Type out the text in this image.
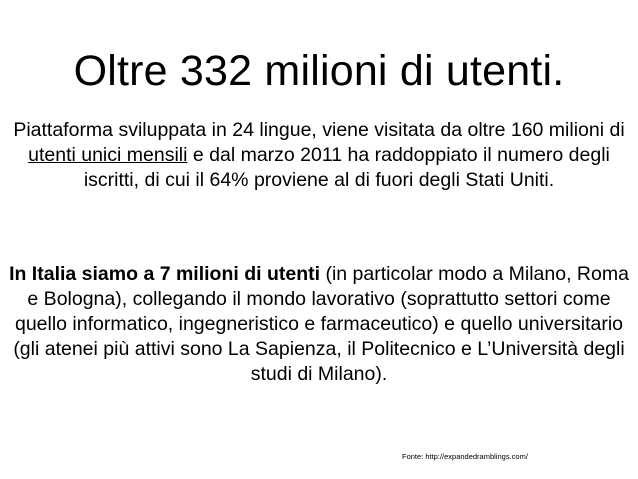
Oltre 332 milioni di utenti.

Piattaforma sviluppata in 24 lingue, viene visitata da oltre 160 milioni di utenti unici mensili e dal marzo 2011 ha raddoppiato il numero degli iscritti, di cui il 64% proviene al di fuori degli Stati Uniti.

In Italia siamo a 7 milioni di utenti (in particolar modo a Milano, Roma e Bologna), collegando il mondo lavorativo (soprattutto settori come quello informatico, ingegneristico e farmaceutico) e quello universitario (gli atenei più attivi sono La Sapienza, il Politecnico e L’Università degli studi di Milano).

Fonte: http://expandedramblings.com/
